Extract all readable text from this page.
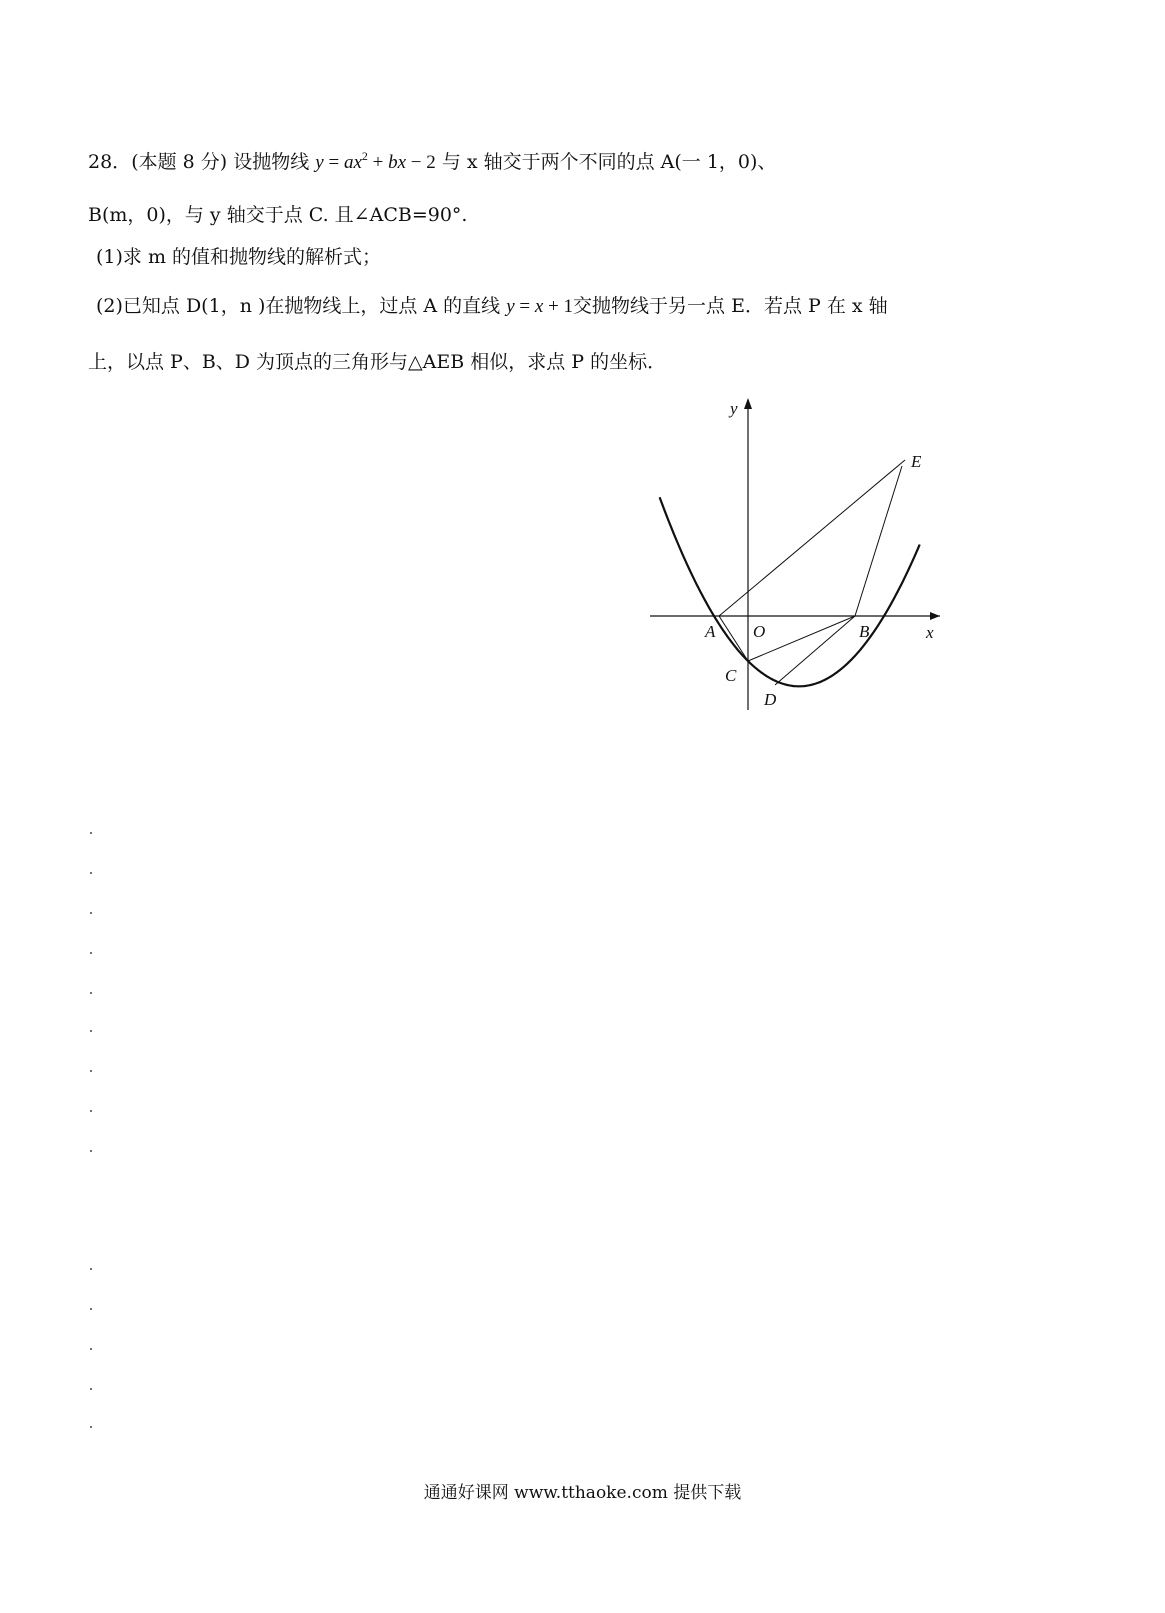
28．(本题 8 分) 设抛物线 $y = ax^2$ + bx − 2 与 x 轴交于两个不同的点 A(一 1，0)、
B(m，0)，与 y 轴交于点 C. 且∠ACB=90°.
(1)求 m 的值和抛物线的解析式；
(2)已知点 D(1，n )在抛物线上，过点 A 的直线 y = x + 1交抛物线于另一点 E．若点 P 在 x 轴
上，以点 P、B、D 为顶点的三角形与△AEB 相似，求点 P 的坐标．
y
x
A O	B
C
D
E
通通好课网 www.tthaoke.com 提供下载
